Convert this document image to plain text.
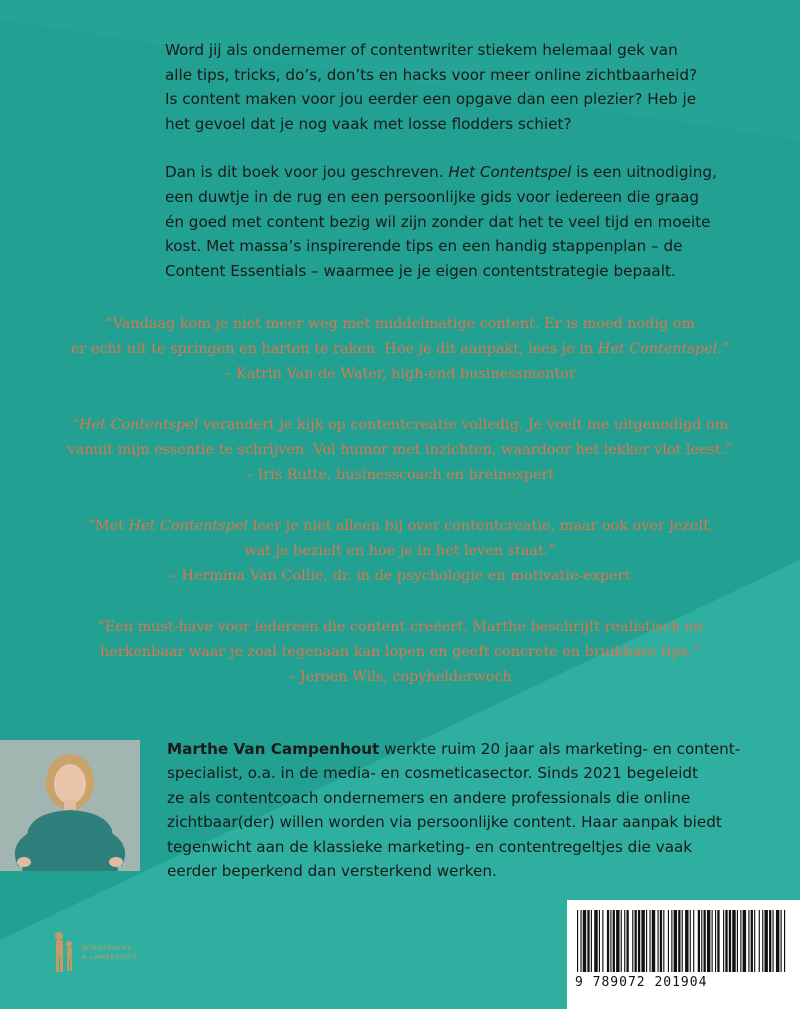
Word jij als ondernemer of contentwriter stiekem helemaal gek van
alle tips, tricks, do’s, don’ts en hacks voor meer online zichtbaarheid?
Is content maken voor jou eerder een opgave dan een plezier? Heb je
het gevoel dat je nog vaak met losse flodders schiet?

Dan is dit boek voor jou geschreven. Het Contentspel is een uitnodiging,
een duwtje in de rug en een persoonlijke gids voor iedereen die graag
én goed met content bezig wil zijn zonder dat het te veel tijd en moeite
kost. Met massa’s inspirerende tips en een handig stappenplan – de
Content Essentials – waarmee je je eigen contentstrategie bepaalt.

“Vandaag kom je niet meer weg met middelmatige content. Er is moed nodig om
er echt uit te springen en harten te raken. Hoe je dit aanpakt, lees je in Het Contentspel.”
– Katrin Van de Water, high-end businessmentor
“Het Contentspel verandert je kijk op contentcreatie volledig. Je voelt me uitgenodigd om
vanuit mijn essentie te schrijven. Vol humor met inzichten, waardoor het lekker vlot leest.”
– Iris Rutte, businesscoach en breinexpert
“Met Het Contentspel leer je niet alleen bij over contentcreatie, maar ook over jezelf,
wat je bezielt en hoe je in het leven staat.”
– Hermina Van Collie, dr. in de psychologie en motivatie-expert
“Een must-have voor iedereen die content creëert. Marthe beschrijft realistisch en
herkenbaar waar je zoal tegenaan kan lopen en geeft concrete en bruikbare tips.”
– Jeroen Wils, copyhelderwoch
Marthe Van Campenhout werkte ruim 20 jaar als marketing- en content-
specialist, o.a. in de media- en cosmeticasector. Sinds 2021 begeleidt
ze als contentcoach ondernemers en andere professionals die online
zichtbaar(der) willen worden via persoonlijke content. Haar aanpak biedt
tegenwicht aan de klassieke marketing- en contentregeltjes die vaak
eerder beperkend dan versterkend werken.
BORGERHOFF
& LAMBERIGTS
9 789072 201904
